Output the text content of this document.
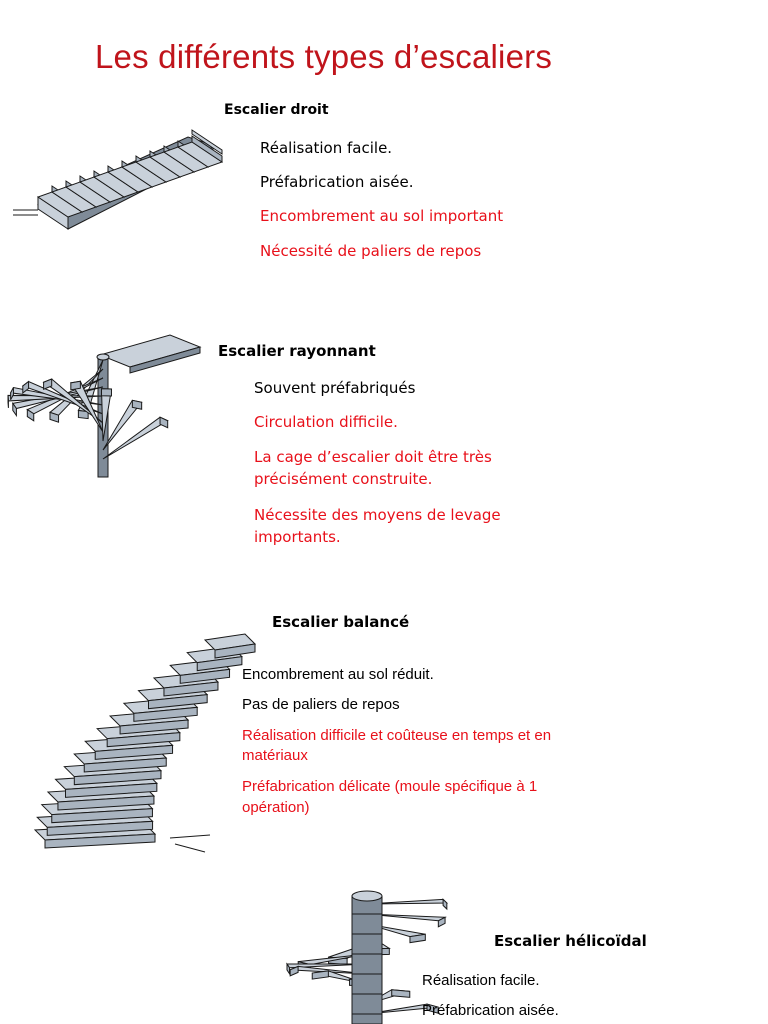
Les différents types d’escaliers
Escalier droit
Réalisation facile.
Préfabrication aisée.
Encombrement au sol important
Nécessité de paliers de repos
Escalier rayonnant
Souvent préfabriqués
Circulation difficile.
La cage d’escalier doit être très
précisément construite.
Nécessite des moyens de levage
importants.
Escalier balancé
Encombrement au sol réduit.
Pas de paliers de repos
Réalisation difficile et coûteuse en temps et en
matériaux
Préfabrication délicate (moule spécifique à 1
opération)
Escalier hélicoïdal
Réalisation facile.
Préfabrication aisée.
